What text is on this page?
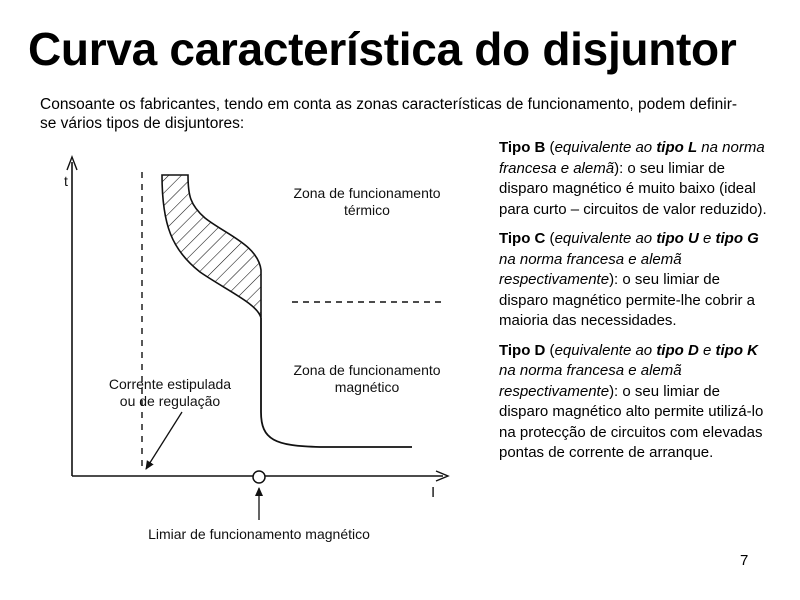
Curva característica do disjuntor
Consoante os fabricantes, tendo em conta as zonas características de funcionamento, podem definir-se vários tipos de disjuntores:
t
I
Zona de funcionamento
térmico
Zona de funcionamento
magnético
Corrente estipulada
ou de regulação
Limiar de funcionamento magnético

Tipo B (equivalente ao tipo L na norma francesa e alemã): o seu limiar de disparo magnético é muito baixo (ideal para curto – circuitos de valor reduzido).

Tipo C (equivalente ao tipo U e tipo G na norma francesa e alemã respectivamente): o seu limiar de disparo magnético permite-lhe cobrir a maioria das necessidades.

Tipo D (equivalente ao tipo D e tipo K na norma francesa e alemã respectivamente): o seu limiar de disparo magnético alto permite utilizá-lo na protecção de circuitos com elevadas pontas de corrente de arranque.

7
